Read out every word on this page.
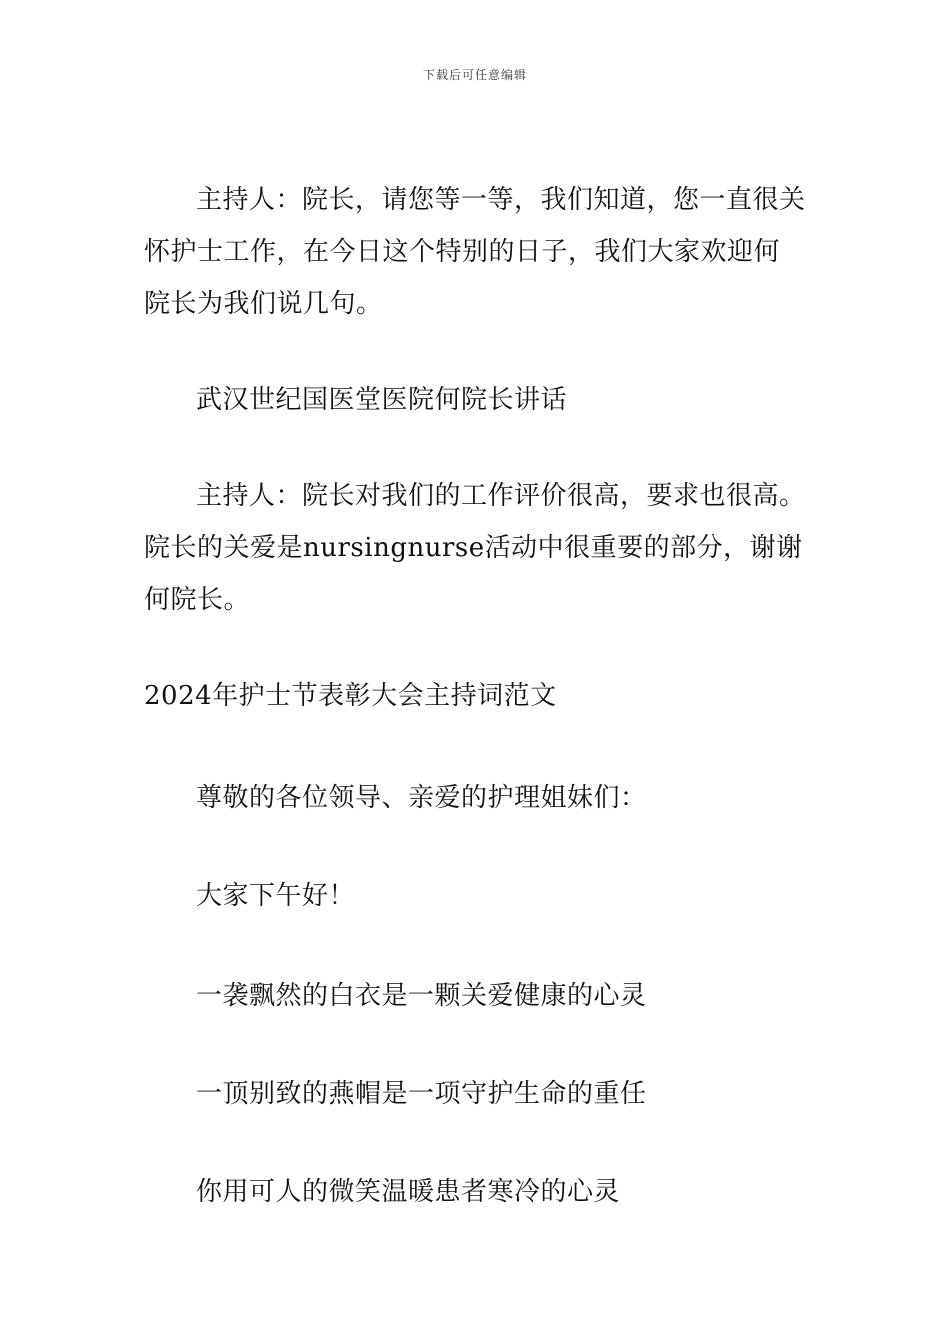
下载后可任意编辑

主持人：院长，请您等一等，我们知道，您一直很关怀护士工作，在今日这个特别的日子，我们大家欢迎何院长为我们说几句。

武汉世纪国医堂医院何院长讲话

主持人：院长对我们的工作评价很高，要求也很高。院长的关爱是nursingnurse活动中很重要的部分，谢谢何院长。

2024年护士节表彰大会主持词范文

尊敬的各位领导、亲爱的护理姐妹们：

大家下午好！

一袭飘然的白衣是一颗关爱健康的心灵

一顶别致的燕帽是一项守护生命的重任

你用可人的微笑温暖患者寒冷的心灵
